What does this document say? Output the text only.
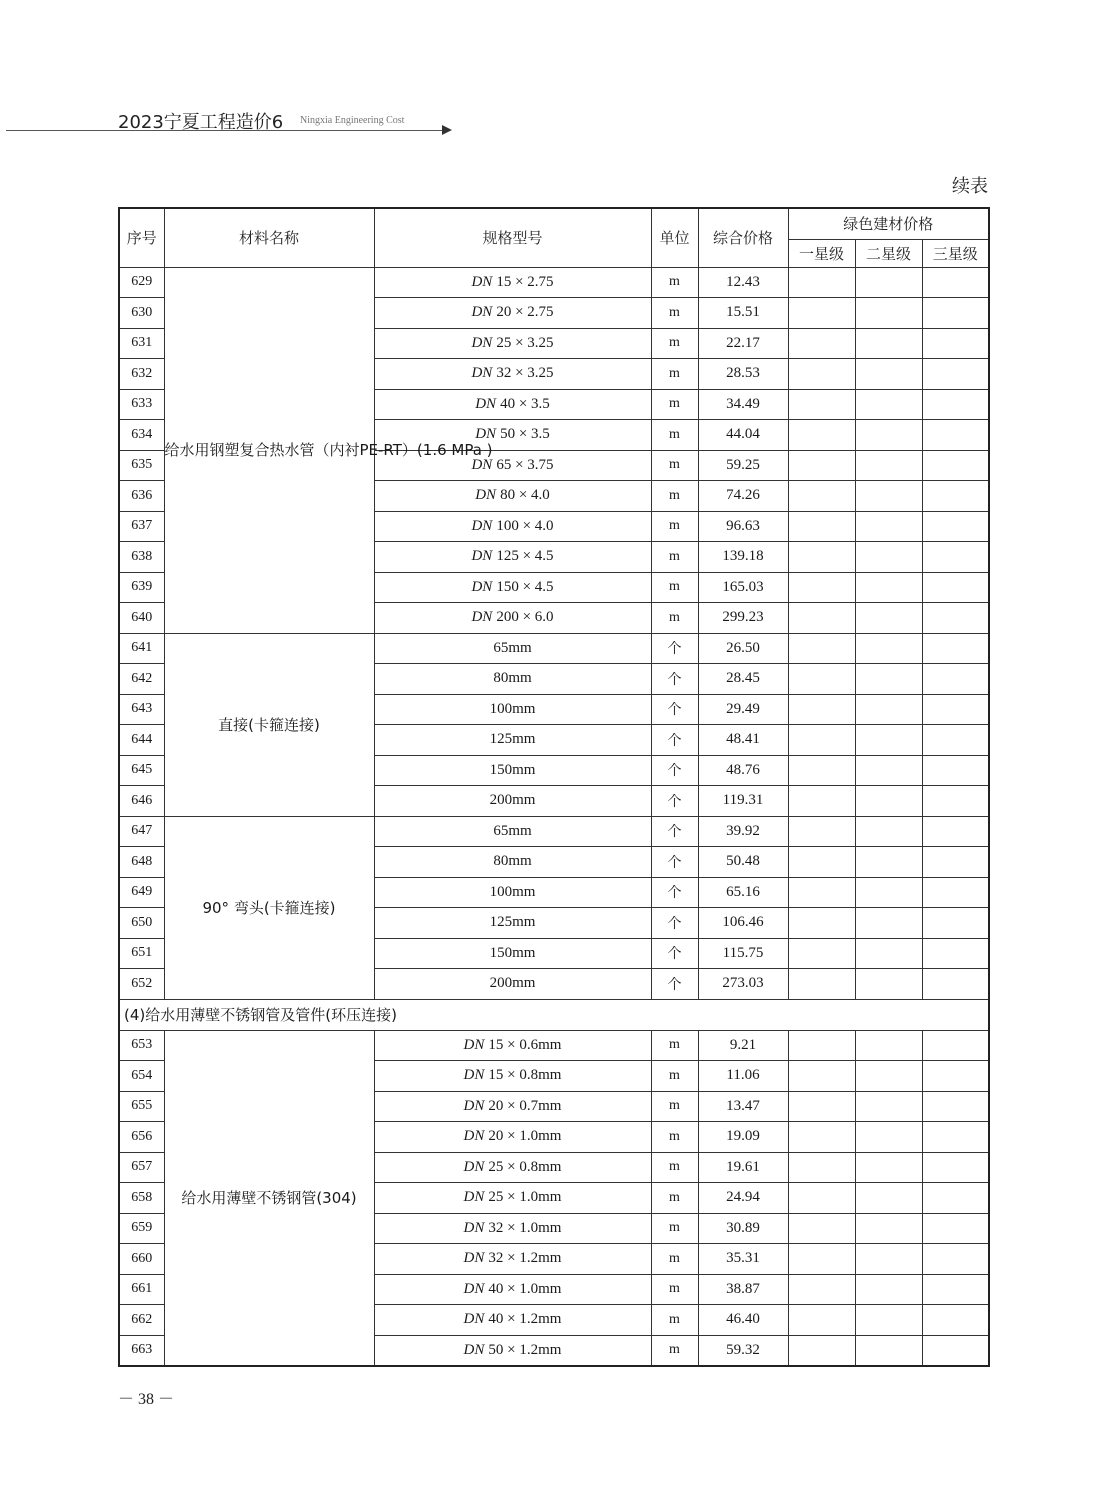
2023宁夏工程造价6 Ningxia Engineering Cost
续表
序号	材料名称	规格型号	单位	综合价格	绿色建材价格		
					一星级	二星级	三星级
629	给水用钢塑复合热水管（内衬PE-RT）(1.6 MPa )	DN 15 × 2.75	m	12.43			
630		DN 20 × 2.75	m	15.51			
631		DN 25 × 3.25	m	22.17			
632		DN 32 × 3.25	m	28.53			
633		DN 40 × 3.5	m	34.49			
634		DN 50 × 3.5	m	44.04			
635		DN 65 × 3.75	m	59.25			
636		DN 80 × 4.0	m	74.26			
637		DN 100 × 4.0	m	96.63			
638		DN 125 × 4.5	m	139.18			
639		DN 150 × 4.5	m	165.03			
640		DN 200 × 6.0	m	299.23			
641	直接(卡箍连接)	65mm	个	26.50			
642		80mm	个	28.45			
643		100mm	个	29.49			
644		125mm	个	48.41			
645		150mm	个	48.76			
646		200mm	个	119.31			
647	90° 弯头(卡箍连接)	65mm	个	39.92			
648		80mm	个	50.48			
649		100mm	个	65.16			
650		125mm	个	106.46			
651		150mm	个	115.75			
652		200mm	个	273.03			
(4)给水用薄壁不锈钢管及管件(环压连接)							
653	给水用薄壁不锈钢管(304)	DN 15 × 0.6mm	m	9.21			
654		DN 15 × 0.8mm	m	11.06			
655		DN 20 × 0.7mm	m	13.47			
656		DN 20 × 1.0mm	m	19.09			
657		DN 25 × 0.8mm	m	19.61			
658		DN 25 × 1.0mm	m	24.94			
659		DN 32 × 1.0mm	m	30.89			
660		DN 32 × 1.2mm	m	35.31			
661		DN 40 × 1.0mm	m	38.87			
662		DN 40 × 1.2mm	m	46.40			
663		DN 50 × 1.2mm	m	59.32			
－ 38 －
